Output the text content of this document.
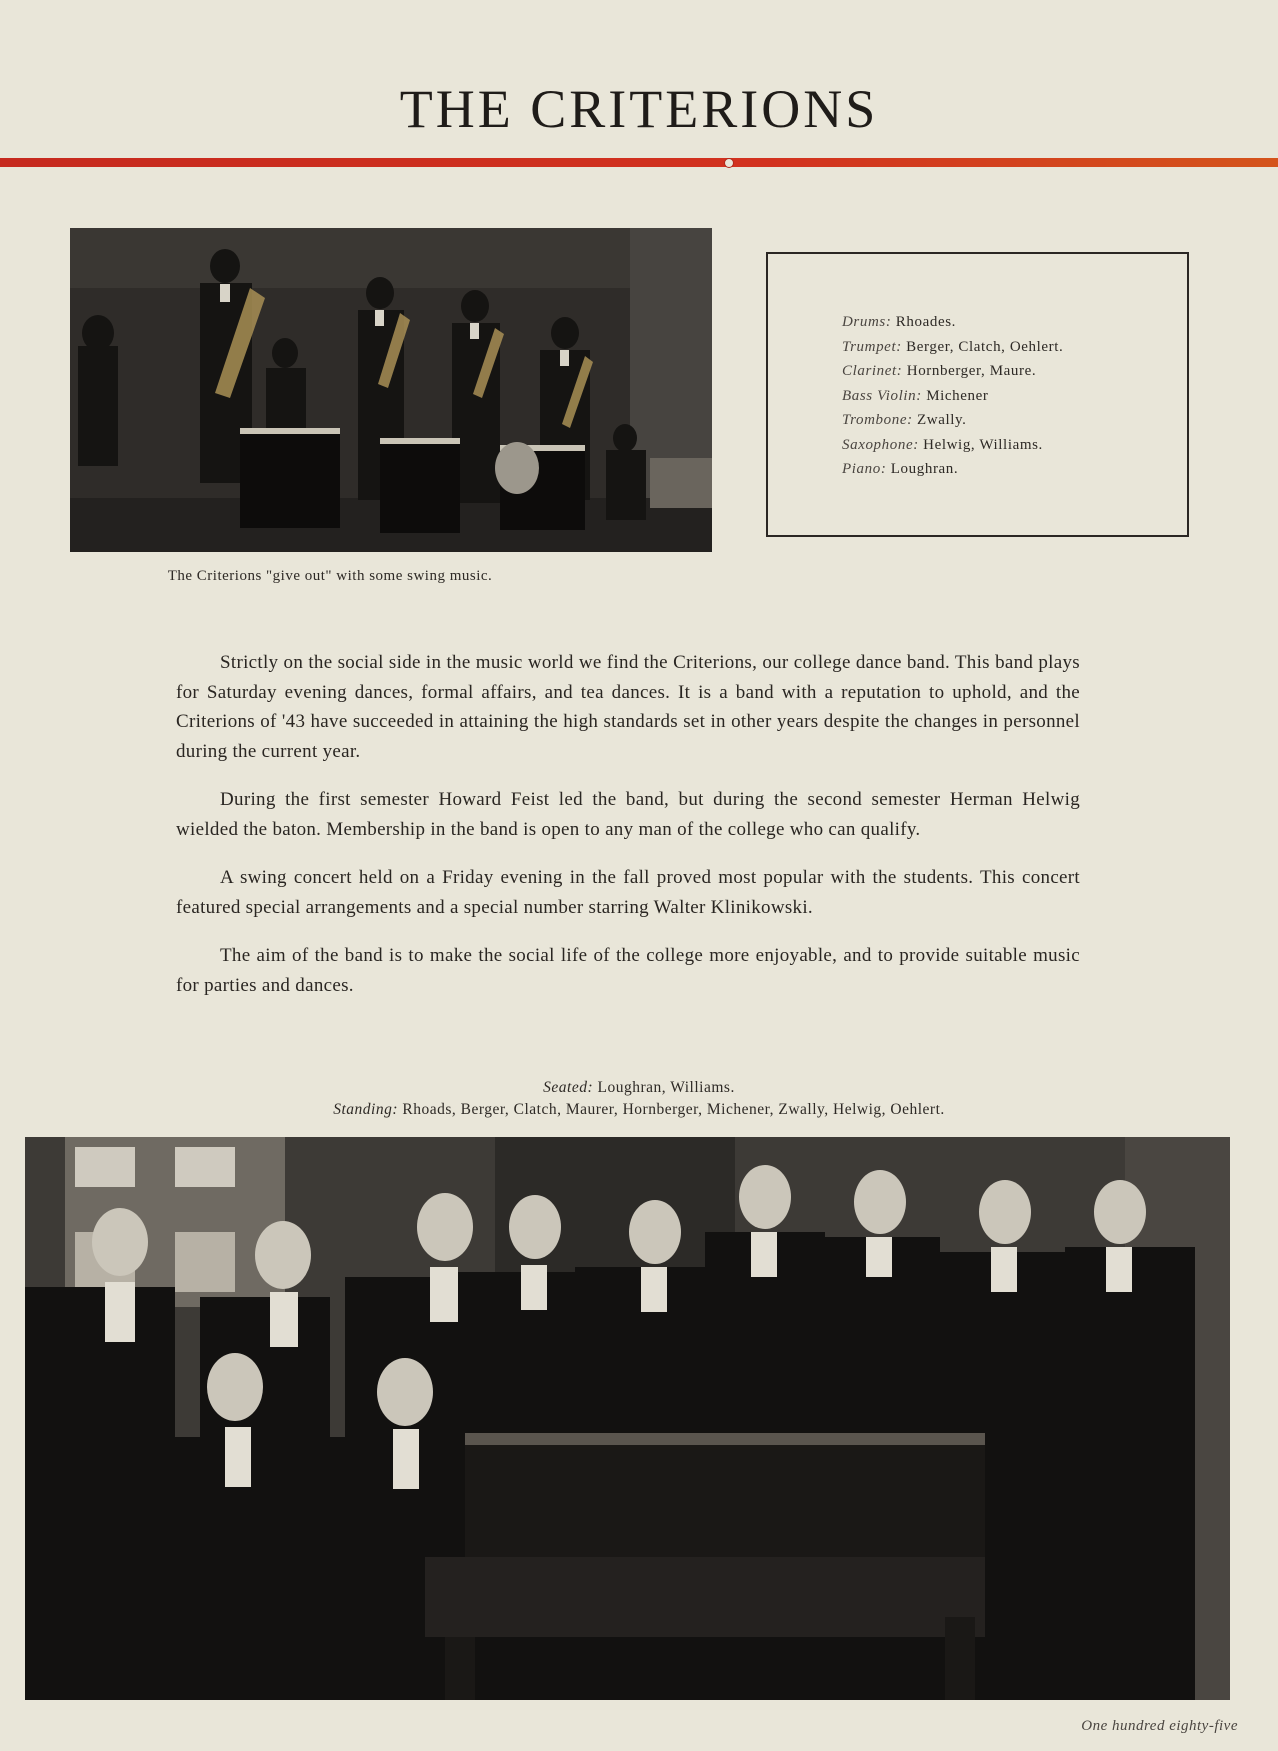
THE CRITERIONS
The Criterions "give out" with some swing music.
Drums: Rhoades.
Trumpet: Berger, Clatch, Oehlert.
Clarinet: Hornberger, Maure.
Bass Violin: Michener
Trombone: Zwally.
Saxophone: Helwig, Williams.
Piano: Loughran.

Strictly on the social side in the music world we find the Criterions, our college dance band. This band plays for Saturday evening dances, formal affairs, and tea dances. It is a band with a reputation to uphold, and the Criterions of '43 have succeeded in attaining the high standards set in other years despite the changes in personnel during the current year.

During the first semester Howard Feist led the band, but during the second semester Herman Helwig wielded the baton. Membership in the band is open to any man of the college who can qualify.

A swing concert held on a Friday evening in the fall proved most popular with the students. This concert featured special arrangements and a special number starring Walter Klinikowski.

The aim of the band is to make the social life of the college more enjoyable, and to provide suitable music for parties and dances.

Seated: Loughran, Williams.
Standing: Rhoads, Berger, Clatch, Maurer, Hornberger, Michener, Zwally, Helwig, Oehlert.
One hundred eighty-five
